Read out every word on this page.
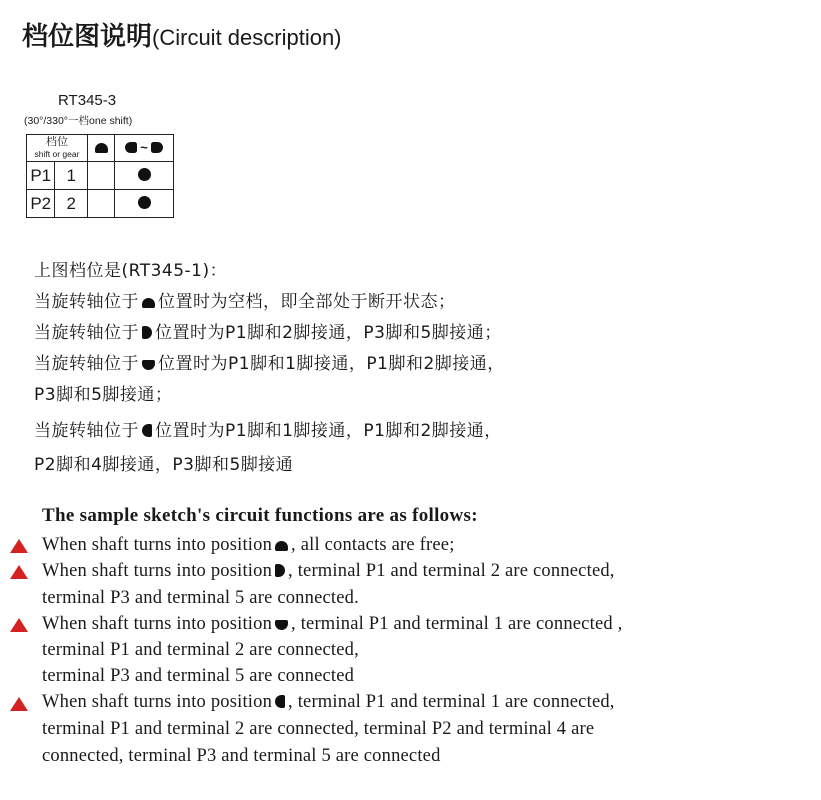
档位图说明(Circuit description)
RT345-3
(30°/330°一档one shift)
档位
shift or gear			~
P1	1		
P2	2		
上图档位是(RT345-1)：
当旋转轴位于 位置时为空档，即全部处于断开状态；
当旋转轴位于 位置时为P1脚和2脚接通，P3脚和5脚接通；
当旋转轴位于 位置时为P1脚和1脚接通，P1脚和2脚接通，
P3脚和5脚接通；
当旋转轴位于 位置时为P1脚和1脚接通，P1脚和2脚接通，
P2脚和4脚接通，P3脚和5脚接通
The sample sketch's circuit functions are as follows:
When shaft turns into position , all contacts are free;
When shaft turns into position , terminal P1 and terminal 2 are connected,
terminal P3 and terminal 5 are connected.
When shaft turns into position , terminal P1 and terminal 1 are connected ,
terminal P1 and terminal 2 are connected,
terminal P3 and terminal 5 are connected
When shaft turns into position , terminal P1 and terminal 1 are connected,
terminal P1 and terminal 2 are connected, terminal P2 and terminal 4 are
connected, terminal P3 and terminal 5 are connected
